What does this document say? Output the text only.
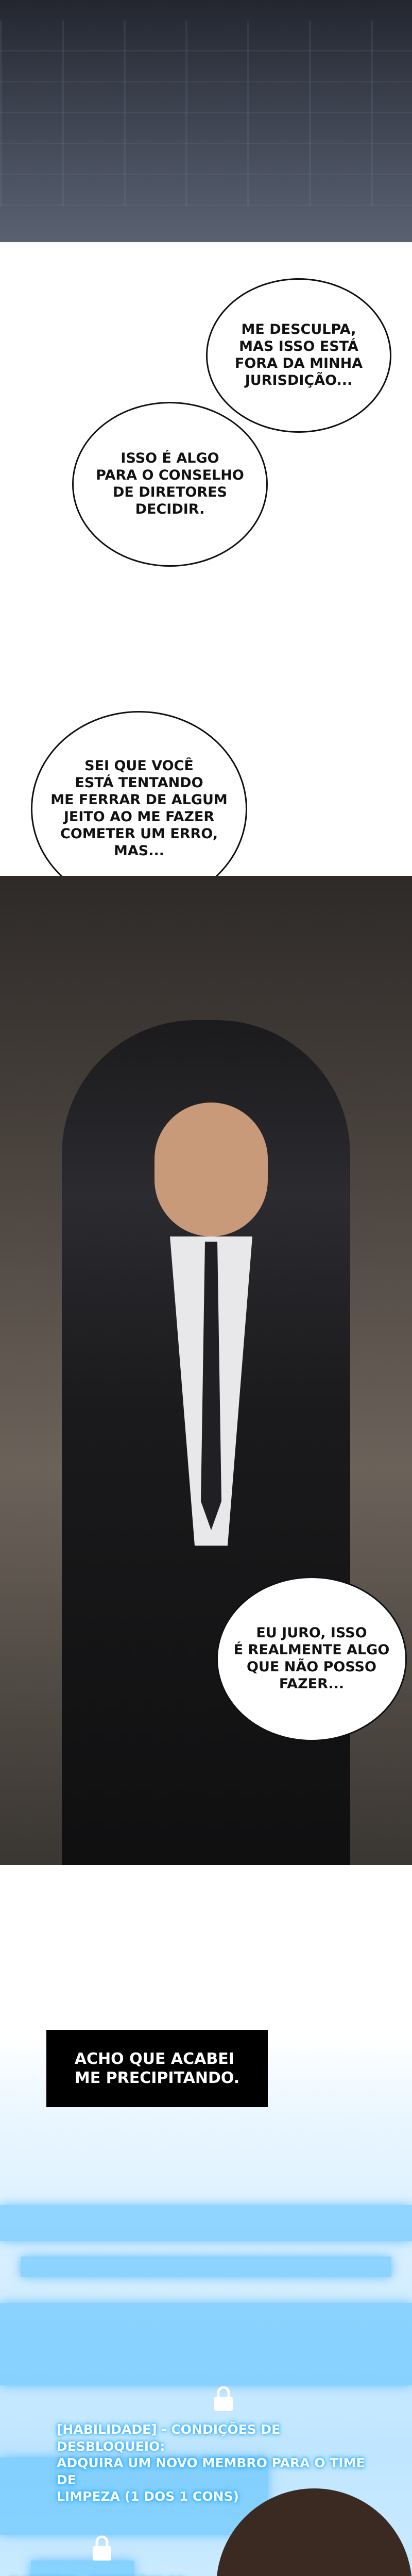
ME DESCULPA,
MAS ISSO ESTÁ
FORA DA MINHA
JURISDIÇÃO...
ISSO É ALGO
PARA O CONSELHO
DE DIRETORES
DECIDIR.
SEI QUE VOCÊ
ESTÁ TENTANDO
ME FERRAR DE ALGUM
JEITO AO ME FAZER
COMETER UM ERRO,
MAS...
EU JURO, ISSO
É REALMENTE ALGO
QUE NÃO POSSO
FAZER...
[HABILIDADE] - CONDIÇÕES DE DESBLOQUEIO:
ADQUIRA UM NOVO MEMBRO PARA O TIME DE
LIMPEZA (1 DOS 1 CONS)
ACHO QUE ACABEI
ME PRECIPITANDO.
